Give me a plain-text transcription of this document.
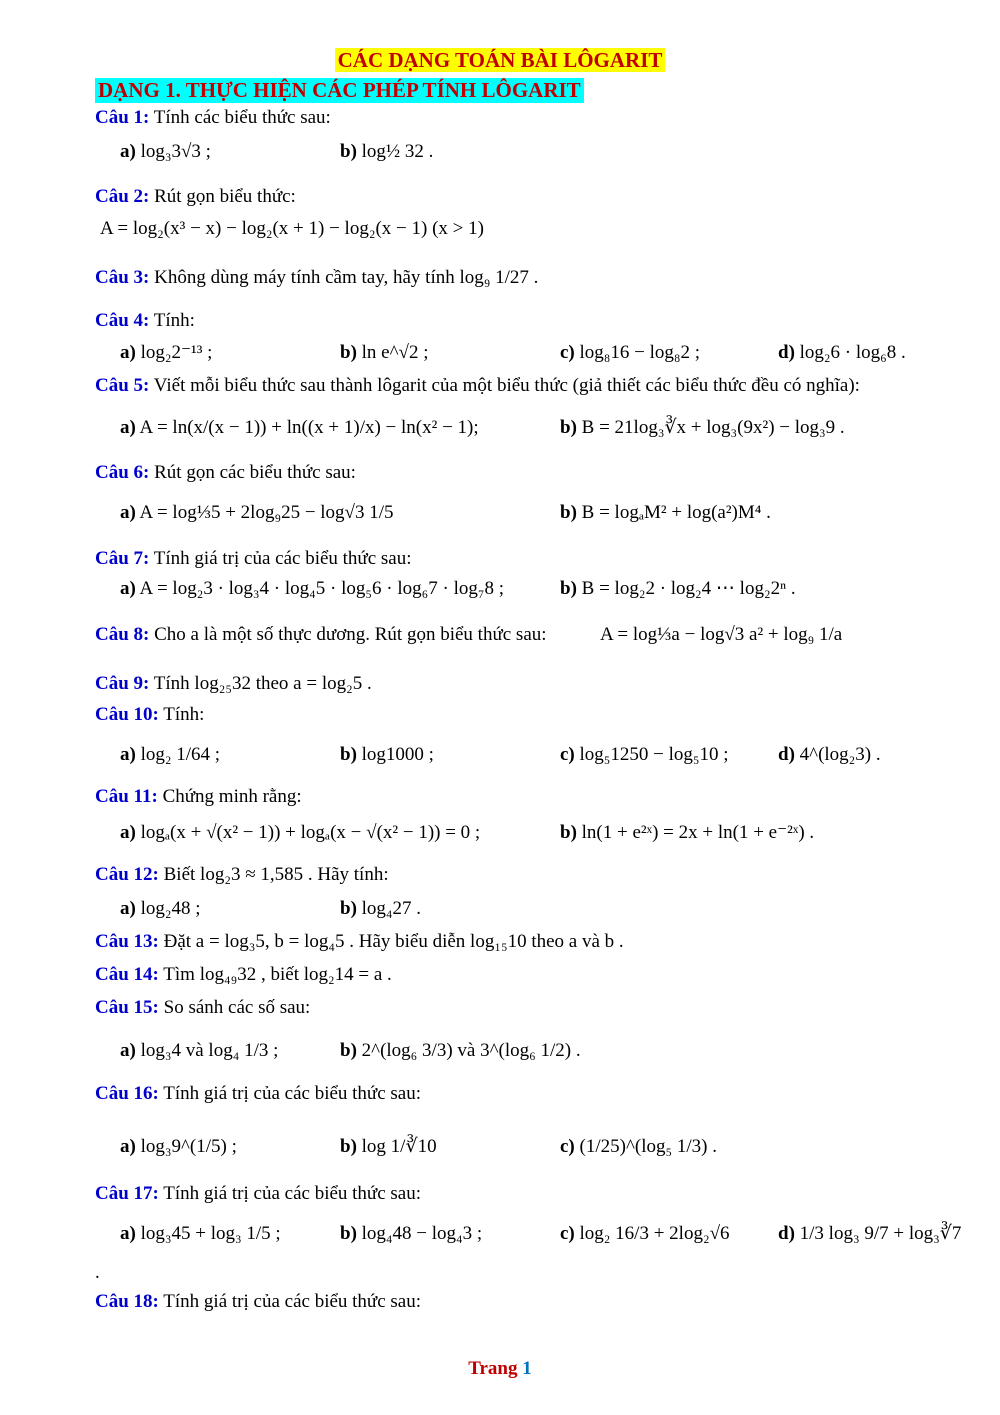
CÁC DẠNG TOÁN BÀI LÔGARIT
DẠNG 1. THỰC HIỆN CÁC PHÉP TÍNH LÔGARIT
Câu 1: Tính các biểu thức sau:
a) log₃3√3 ;	b) log½ 32 .
Câu 2: Rút gọn biểu thức:
A = log₂(x³ − x) − log₂(x + 1) − log₂(x − 1) (x > 1)
Câu 3: Không dùng máy tính cầm tay, hãy tính log₉ 1/27 .
Câu 4: Tính:
a) log₂2⁻¹³ ;	b) ln e^√2 ;	c) log₈16 − log₈2 ;	d) log₂6 · log₆8 .
Câu 5: Viết mỗi biểu thức sau thành lôgarit của một biểu thức (giả thiết các biểu thức đều có nghĩa):
a) A = ln(x/(x − 1)) + ln((x + 1)/x) − ln(x² − 1);	b) B = 21log₃∛x + log₃(9x²) − log₃9 .
Câu 6: Rút gọn các biểu thức sau:
a) A = log⅓5 + 2log₉25 − log√3 1/5	b) B = logₐM² + log(a²)M⁴ .
Câu 7: Tính giá trị của các biểu thức sau:
a) A = log₂3 · log₃4 · log₄5 · log₅6 · log₆7 · log₇8 ;	b) B = log₂2 · log₂4 ⋯ log₂2ⁿ .
Câu 8: Cho a là một số thực dương. Rút gọn biểu thức sau:	A = log⅓a − log√3 a² + log₉ 1/a
Câu 9: Tính log₂₅32 theo a = log₂5 .
Câu 10: Tính:
a) log₂ 1/64 ;	b) log1000 ;	c) log₅1250 − log₅10 ;	d) 4^(log₂3) .
Câu 11: Chứng minh rằng:
a) logₐ(x + √(x² − 1)) + logₐ(x − √(x² − 1)) = 0 ;	b) ln(1 + e²ˣ) = 2x + ln(1 + e⁻²ˣ) .
Câu 12: Biết log₂3 ≈ 1,585 . Hãy tính:
a) log₂48 ;	b) log₄27 .
Câu 13: Đặt a = log₃5, b = log₄5 . Hãy biểu diễn log₁₅10 theo a và b .
Câu 14: Tìm log₄₉32 , biết log₂14 = a .
Câu 15: So sánh các số sau:
a) log₃4 và log₄ 1/3 ;	b) 2^(log₆ 3/3) và 3^(log₆ 1/2) .
Câu 16: Tính giá trị của các biểu thức sau:
a) log₃9^(1/5) ;	b) log 1/∛10	c) (1/25)^(log₅ 1/3) .
Câu 17: Tính giá trị của các biểu thức sau:
a) log₃45 + log₃ 1/5 ;	b) log₄48 − log₄3 ;	c) log₂ 16/3 + 2log₂√6	d) 1/3 log₃ 9/7 + log₃∛7
.
Câu 18: Tính giá trị của các biểu thức sau:
Trang 1
